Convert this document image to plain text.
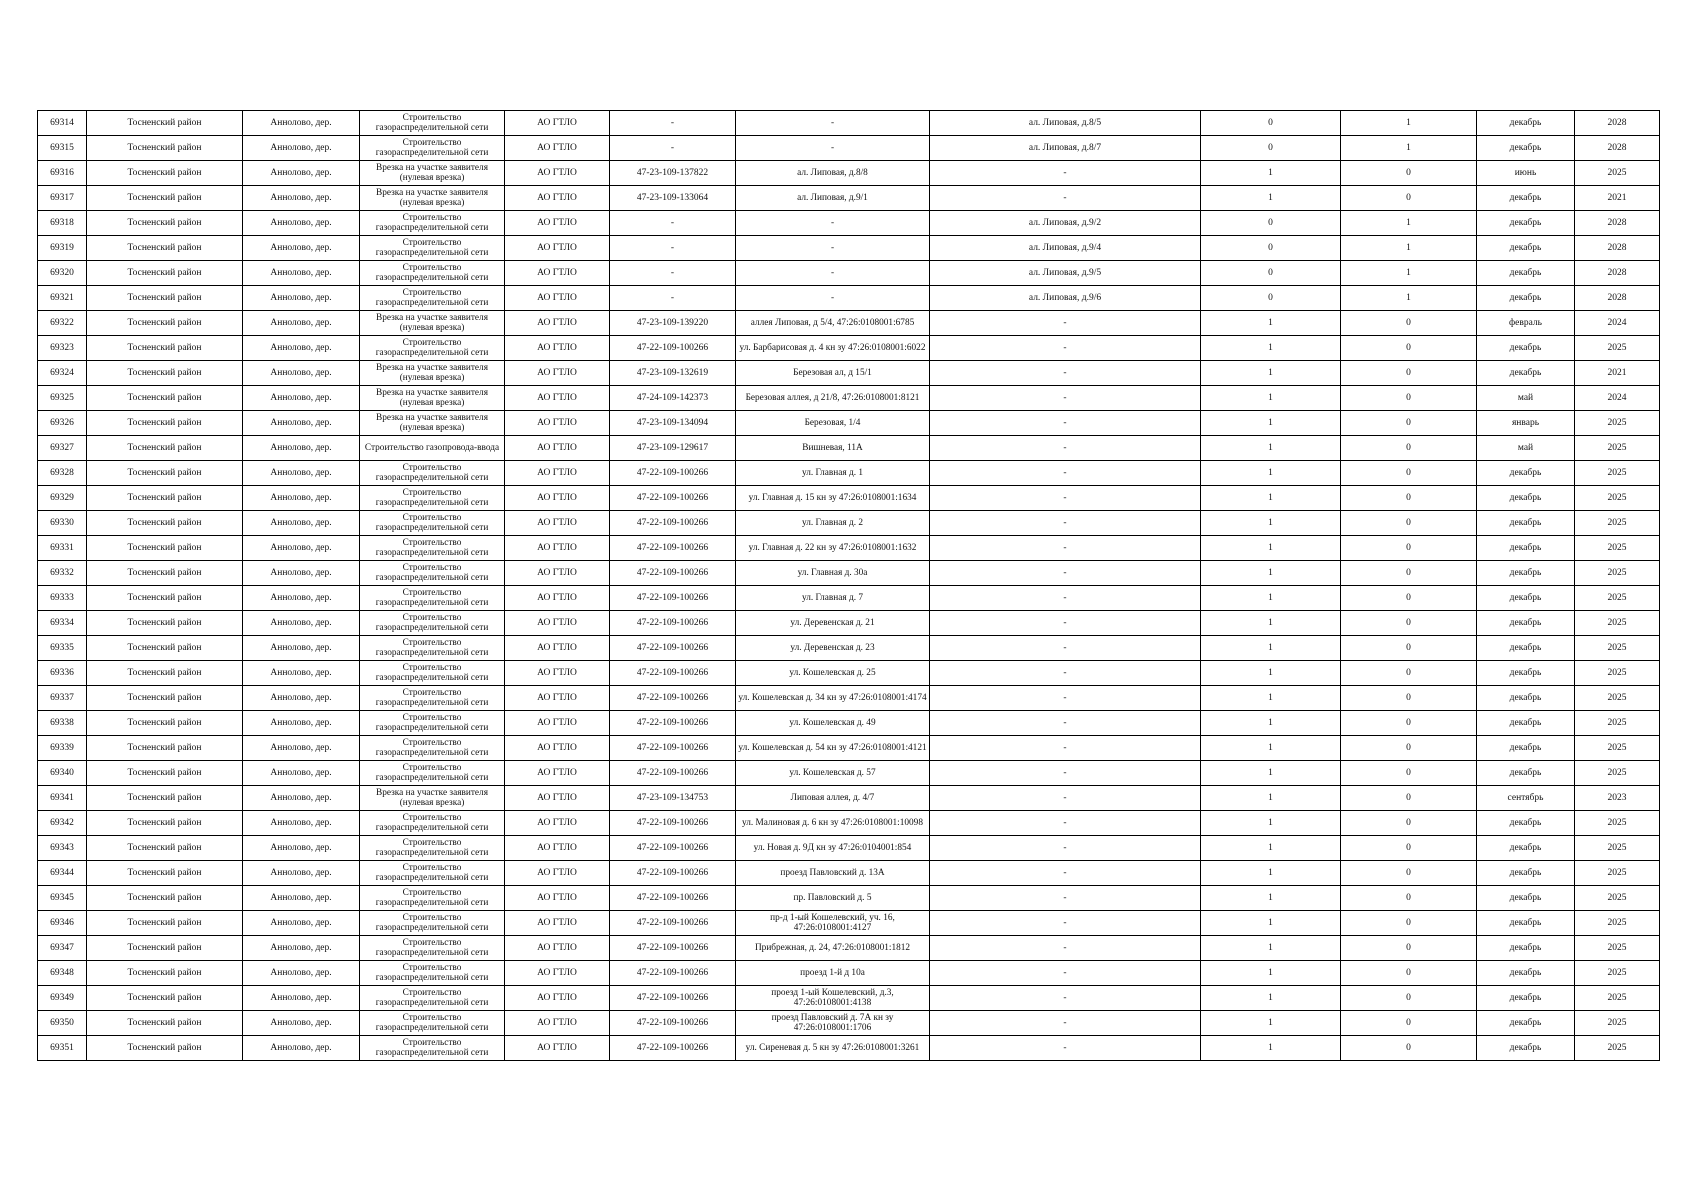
69314	Тосненский район	Аннолово, дер.	Строительство газораспределительной сети	АО ГТЛО	-	-	ал. Липовая, д.8/5	0	1	декабрь	2028
69315	Тосненский район	Аннолово, дер.	Строительство газораспределительной сети	АО ГТЛО	-	-	ал. Липовая, д.8/7	0	1	декабрь	2028
69316	Тосненский район	Аннолово, дер.	Врезка на участке заявителя (нулевая врезка)	АО ГТЛО	47-23-109-137822	ал. Липовая, д.8/8	-	1	0	июнь	2025
69317	Тосненский район	Аннолово, дер.	Врезка на участке заявителя (нулевая врезка)	АО ГТЛО	47-23-109-133064	ал. Липовая, д.9/1	-	1	0	декабрь	2021
69318	Тосненский район	Аннолово, дер.	Строительство газораспределительной сети	АО ГТЛО	-	-	ал. Липовая, д.9/2	0	1	декабрь	2028
69319	Тосненский район	Аннолово, дер.	Строительство газораспределительной сети	АО ГТЛО	-	-	ал. Липовая, д.9/4	0	1	декабрь	2028
69320	Тосненский район	Аннолово, дер.	Строительство газораспределительной сети	АО ГТЛО	-	-	ал. Липовая, д.9/5	0	1	декабрь	2028
69321	Тосненский район	Аннолово, дер.	Строительство газораспределительной сети	АО ГТЛО	-	-	ал. Липовая, д.9/6	0	1	декабрь	2028
69322	Тосненский район	Аннолово, дер.	Врезка на участке заявителя (нулевая врезка)	АО ГТЛО	47-23-109-139220	аллея Липовая, д 5/4, 47:26:0108001:6785	-	1	0	февраль	2024
69323	Тосненский район	Аннолово, дер.	Строительство газораспределительной сети	АО ГТЛО	47-22-109-100266	ул. Барбарисовая д. 4 кн зу 47:26:0108001:6022	-	1	0	декабрь	2025
69324	Тосненский район	Аннолово, дер.	Врезка на участке заявителя (нулевая врезка)	АО ГТЛО	47-23-109-132619	Березовая ал, д 15/1	-	1	0	декабрь	2021
69325	Тосненский район	Аннолово, дер.	Врезка на участке заявителя (нулевая врезка)	АО ГТЛО	47-24-109-142373	Березовая аллея, д 21/8, 47:26:0108001:8121	-	1	0	май	2024
69326	Тосненский район	Аннолово, дер.	Врезка на участке заявителя (нулевая врезка)	АО ГТЛО	47-23-109-134094	Березовая, 1/4	-	1	0	январь	2025
69327	Тосненский район	Аннолово, дер.	Строительство газопровода-ввода	АО ГТЛО	47-23-109-129617	Вишневая, 11А	-	1	0	май	2025
69328	Тосненский район	Аннолово, дер.	Строительство газораспределительной сети	АО ГТЛО	47-22-109-100266	ул. Главная д. 1	-	1	0	декабрь	2025
69329	Тосненский район	Аннолово, дер.	Строительство газораспределительной сети	АО ГТЛО	47-22-109-100266	ул. Главная д. 15 кн зу 47:26:0108001:1634	-	1	0	декабрь	2025
69330	Тосненский район	Аннолово, дер.	Строительство газораспределительной сети	АО ГТЛО	47-22-109-100266	ул. Главная д. 2	-	1	0	декабрь	2025
69331	Тосненский район	Аннолово, дер.	Строительство газораспределительной сети	АО ГТЛО	47-22-109-100266	ул. Главная д. 22 кн зу 47:26:0108001:1632	-	1	0	декабрь	2025
69332	Тосненский район	Аннолово, дер.	Строительство газораспределительной сети	АО ГТЛО	47-22-109-100266	ул. Главная д. 30а	-	1	0	декабрь	2025
69333	Тосненский район	Аннолово, дер.	Строительство газораспределительной сети	АО ГТЛО	47-22-109-100266	ул. Главная д. 7	-	1	0	декабрь	2025
69334	Тосненский район	Аннолово, дер.	Строительство газораспределительной сети	АО ГТЛО	47-22-109-100266	ул. Деревенская д. 21	-	1	0	декабрь	2025
69335	Тосненский район	Аннолово, дер.	Строительство газораспределительной сети	АО ГТЛО	47-22-109-100266	ул. Деревенская д. 23	-	1	0	декабрь	2025
69336	Тосненский район	Аннолово, дер.	Строительство газораспределительной сети	АО ГТЛО	47-22-109-100266	ул. Кошелевская д. 25	-	1	0	декабрь	2025
69337	Тосненский район	Аннолово, дер.	Строительство газораспределительной сети	АО ГТЛО	47-22-109-100266	ул. Кошелевская д. 34 кн зу 47:26:0108001:4174	-	1	0	декабрь	2025
69338	Тосненский район	Аннолово, дер.	Строительство газораспределительной сети	АО ГТЛО	47-22-109-100266	ул. Кошелевская д. 49	-	1	0	декабрь	2025
69339	Тосненский район	Аннолово, дер.	Строительство газораспределительной сети	АО ГТЛО	47-22-109-100266	ул. Кошелевская д. 54 кн зу 47:26:0108001:4121	-	1	0	декабрь	2025
69340	Тосненский район	Аннолово, дер.	Строительство газораспределительной сети	АО ГТЛО	47-22-109-100266	ул. Кошелевская д. 57	-	1	0	декабрь	2025
69341	Тосненский район	Аннолово, дер.	Врезка на участке заявителя (нулевая врезка)	АО ГТЛО	47-23-109-134753	Липовая аллея, д. 4/7	-	1	0	сентябрь	2023
69342	Тосненский район	Аннолово, дер.	Строительство газораспределительной сети	АО ГТЛО	47-22-109-100266	ул. Малиновая д. 6 кн зу 47:26:0108001:10098	-	1	0	декабрь	2025
69343	Тосненский район	Аннолово, дер.	Строительство газораспределительной сети	АО ГТЛО	47-22-109-100266	ул. Новая д. 9Д кн зу 47:26:0104001:854	-	1	0	декабрь	2025
69344	Тосненский район	Аннолово, дер.	Строительство газораспределительной сети	АО ГТЛО	47-22-109-100266	проезд Павловский д. 13А	-	1	0	декабрь	2025
69345	Тосненский район	Аннолово, дер.	Строительство газораспределительной сети	АО ГТЛО	47-22-109-100266	пр. Павловский д. 5	-	1	0	декабрь	2025
69346	Тосненский район	Аннолово, дер.	Строительство газораспределительной сети	АО ГТЛО	47-22-109-100266	пр-д 1-ый Кошелевский, уч. 16, 47:26:0108001:4127	-	1	0	декабрь	2025
69347	Тосненский район	Аннолово, дер.	Строительство газораспределительной сети	АО ГТЛО	47-22-109-100266	Прибрежная, д. 24, 47:26:0108001:1812	-	1	0	декабрь	2025
69348	Тосненский район	Аннолово, дер.	Строительство газораспределительной сети	АО ГТЛО	47-22-109-100266	проезд 1-й д 10а	-	1	0	декабрь	2025
69349	Тосненский район	Аннолово, дер.	Строительство газораспределительной сети	АО ГТЛО	47-22-109-100266	проезд 1-ый Кошелевский, д.3, 47:26:0108001:4138	-	1	0	декабрь	2025
69350	Тосненский район	Аннолово, дер.	Строительство газораспределительной сети	АО ГТЛО	47-22-109-100266	проезд Павловский д. 7А кн зу 47:26:0108001:1706	-	1	0	декабрь	2025
69351	Тосненский район	Аннолово, дер.	Строительство газораспределительной сети	АО ГТЛО	47-22-109-100266	ул. Сиреневая д. 5 кн зу 47:26:0108001:3261	-	1	0	декабрь	2025
